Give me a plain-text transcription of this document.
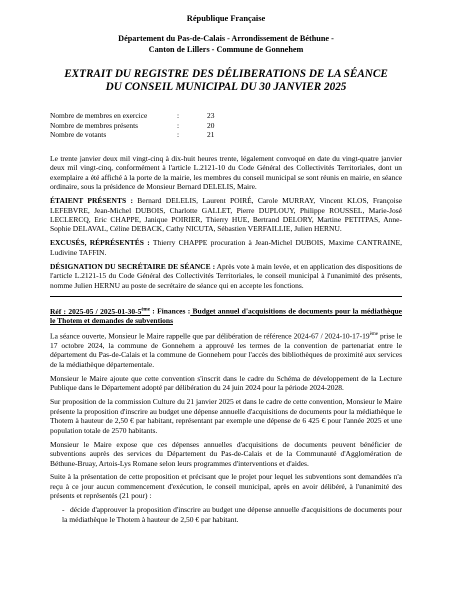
République Française
Département du Pas-de-Calais - Arrondissement de Béthune -
Canton de Lillers - Commune de Gonnehem
EXTRAIT DU REGISTRE DES DÉLIBERATIONS DE LA SÉANCE
DU CONSEIL MUNICIPAL DU 30 JANVIER 2025
Nombre de membres en exercice	:	23
Nombre de membres présents	:	20
Nombre de votants	:	21

Le trente janvier deux mil vingt-cinq à dix-huit heures trente, légalement convoqué en date du vingt-quatre janvier deux mil vingt-cinq, conformément à l'article L.2121-10 du Code Général des Collectivités Territoriales, dont un exemplaire a été affiché à la porte de la mairie, les membres du conseil municipal se sont réunis en mairie, en séance ordinaire, sous la présidence de Monsieur Bernard DELELIS, Maire.

ÉTAIENT PRÉSENTS : Bernard DELELIS, Laurent POIRÉ, Carole MURRAY, Vincent KLOS, Françoise LEFEBVRE, Jean-Michel DUBOIS, Charlotte GALLET, Pierre DUPLOUY, Philippe ROUSSEL, Marie-José LECLERCQ, Eric CHAPPE, Janique POIRIER, Thierry HUE, Bertrand DELORY, Martine PETITPAS, Anne-Sophie DELAVAL, Céline DEBACK, Cathy NICUTA, Sébastien VERFAILLIE, Julien HERNU.

EXCUSÉS, RÉPRÉSENTÉS : Thierry CHAPPE procuration à Jean-Michel DUBOIS, Maxime CANTRAINE, Ludivine TAFFIN.

DÉSIGNATION DU SECRÉTAIRE DE SÉANCE : Après vote à main levée, et en application des dispositions de l'article L.2121-15 du Code Général des Collectivités Territoriales, le conseil municipal à l'unanimité des présents, nomme Julien HERNU au poste de secrétaire de séance qui en accepte les fonctions.

Réf : 2025-05 / 2025-01-30-5ème : Finances : Budget annuel d'acquisitions de documents pour la médiathèque le Thotem et demandes de subventions

La séance ouverte, Monsieur le Maire rappelle que par délibération de référence 2024-67 / 2024-10-17-19ème prise le 17 octobre 2024, la commune de Gonnehem a approuvé les termes de la convention de partenariat entre le département du Pas-de-Calais et la commune de Gonnehem pour l'accès des bibliothèques de proximité aux services de la médiathèque départementale.

Monsieur le Maire ajoute que cette convention s'inscrit dans le cadre du Schéma de développement de la Lecture Publique dans le Département adopté par délibération du 24 juin 2024 pour la période 2024-2028.

Sur proposition de la commission Culture du 21 janvier 2025 et dans le cadre de cette convention, Monsieur le Maire présente la proposition d'inscrire au budget une dépense annuelle d'acquisitions de documents pour la médiathèque le Thotem à hauteur de 2,50 € par habitant, représentant par exemple une dépense de 6 425 € pour l'année 2025 et une population totale de 2570 habitants.

Monsieur le Maire expose que ces dépenses annuelles d'acquisitions de documents peuvent bénéficier de subventions auprès des services du Département du Pas-de-Calais et de la Communauté d'Agglomération de Béthune-Bruay, Artois-Lys Romane selon leurs programmes d'interventions et d'aides.

Suite à la présentation de cette proposition et précisant que le projet pour lequel les subventions sont demandées n'a reçu à ce jour aucun commencement d'exécution, le conseil municipal, après en avoir délibéré, à l'unanimité des présents et représentés (21 pour) :

- décide d'approuver la proposition d'inscrire au budget une dépense annuelle d'acquisitions de documents pour la médiathèque le Thotem à hauteur de 2,50 € par habitant.
